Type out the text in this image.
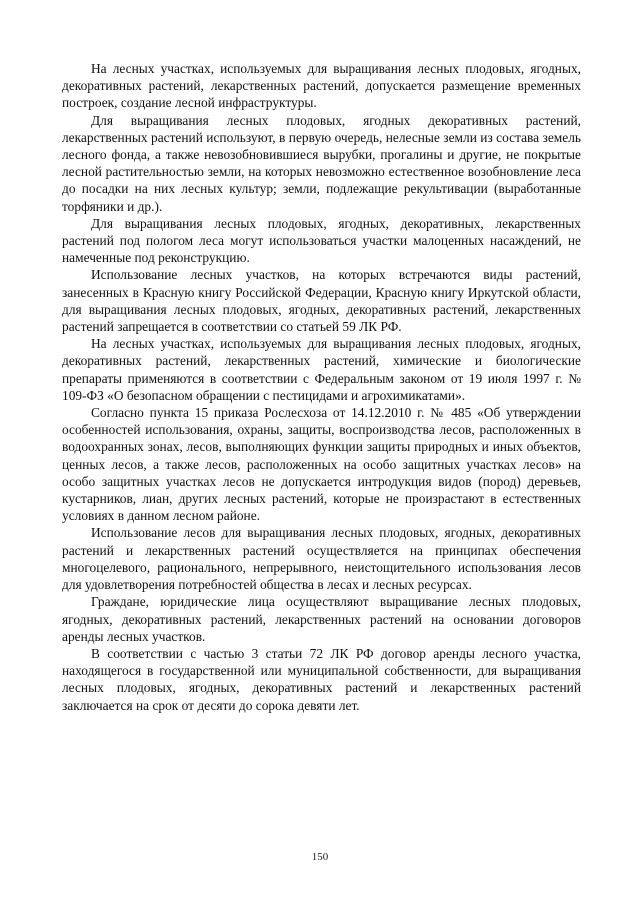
На лесных участках, используемых для выращивания лесных плодовых, ягодных, декоративных растений, лекарственных растений, допускается размещение временных построек, создание лесной инфраструктуры.

Для выращивания лесных плодовых, ягодных декоративных растений, лекарственных растений используют, в первую очередь, нелесные земли из состава земель лесного фонда, а также невозобновившиеся вырубки, прогалины и другие, не покрытые лесной растительностью земли, на которых невозможно естественное возобновление леса до посадки на них лесных культур; земли, подлежащие рекультивации (выработанные торфяники и др.).

Для выращивания лесных плодовых, ягодных, декоративных, лекарственных растений под пологом леса могут использоваться участки малоценных насаждений, не намеченные под реконструкцию.

Использование лесных участков, на которых встречаются виды растений, занесенных в Красную книгу Российской Федерации, Красную книгу Иркутской области, для выращивания лесных плодовых, ягодных, декоративных растений, лекарственных растений запрещается в соответствии со статьей 59 ЛК РФ.

На лесных участках, используемых для выращивания лесных плодовых, ягодных, декоративных растений, лекарственных растений, химические и биологические препараты применяются в соответствии с Федеральным законом от 19 июля 1997 г. № 109-ФЗ «О безопасном обращении с пестицидами и агрохимикатами».

Согласно пункта 15 приказа Рослесхоза от 14.12.2010 г. № 485 «Об утверждении особенностей использования, охраны, защиты, воспроизводства лесов, расположенных в водоохранных зонах, лесов, выполняющих функции защиты природных и иных объектов, ценных лесов, а также лесов, расположенных на особо защитных участках лесов» на особо защитных участках лесов не допускается интродукция видов (пород) деревьев, кустарников, лиан, других лесных растений, которые не произрастают в естественных условиях в данном лесном районе.

Использование лесов для выращивания лесных плодовых, ягодных, декоративных растений и лекарственных растений осуществляется на принципах обеспечения многоцелевого, рационального, непрерывного, неистощительного использования лесов для удовлетворения потребностей общества в лесах и лесных ресурсах.

Граждане, юридические лица осуществляют выращивание лесных плодовых, ягодных, декоративных растений, лекарственных растений на основании договоров аренды лесных участков.

В соответствии с частью 3 статьи 72 ЛК РФ договор аренды лесного участка, находящегося в государственной или муниципальной собственности, для выращивания лесных плодовых, ягодных, декоративных растений и лекарственных растений заключается на срок от десяти до сорока девяти лет.

150
